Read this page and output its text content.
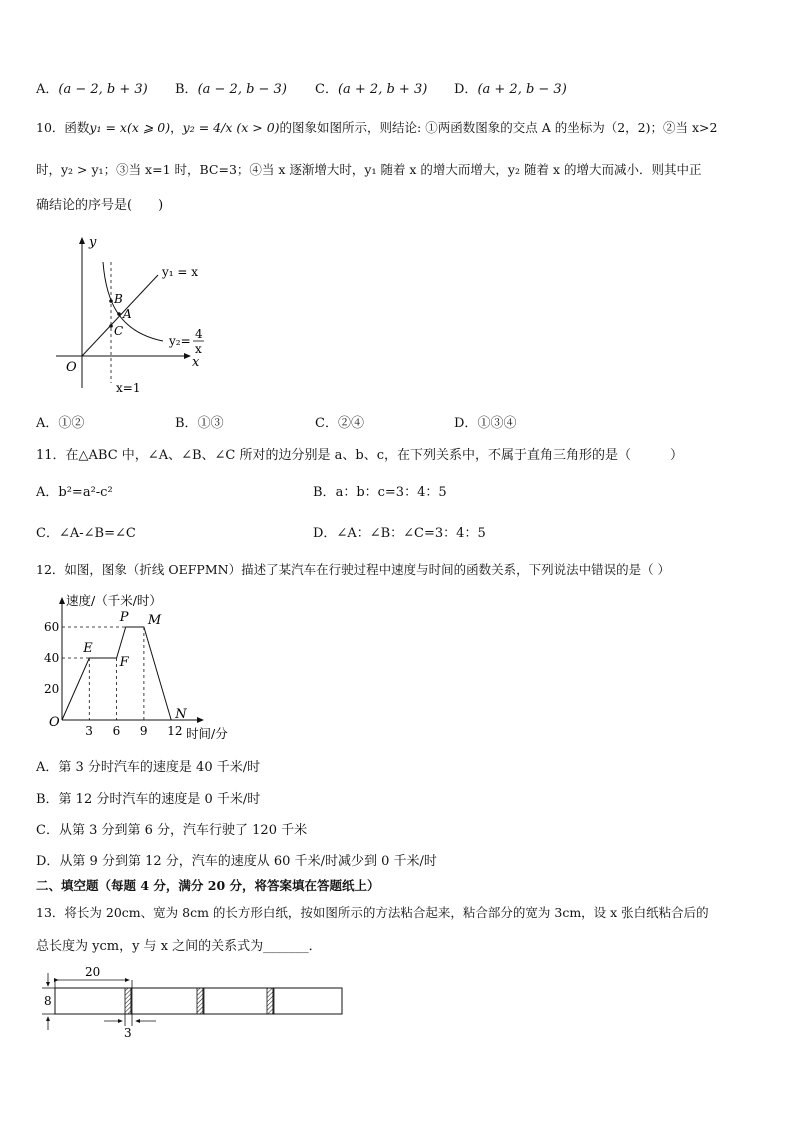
A．(a − 2, b + 3) B．(a − 2, b − 3) C．(a + 2, b + 3) D．(a + 2, b − 3)
10．函数y₁ = x(x ⩾ 0)，y₂ = 4/x (x > 0)的图象如图所示，则结论: ①两函数图象的交点 A 的坐标为（2，2)；②当 x>2
时，y₂ > y₁；③当 x=1 时，BC=3；④当 x 逐渐增大时，y₁ 随着 x 的增大而增大，y₂ 随着 x 的增大而减小．则其中正
确结论的序号是(　　)
y
x
O
B
A
C
y₁ = x
y₂= 4
x
x=1
A．①②	B．①③	C．②④	D．①③④
11．在△ABC 中，∠A、∠B、∠C 所对的边分别是 a、b、c，在下列关系中，不属于直角三角形的是（　　　）
A．b²=a²-c²	B．a：b：c=3：4：5
C．∠A-∠B=∠C	D．∠A：∠B：∠C=3：4：5
12．如图，图象（折线 OEFPMN）描述了某汽车在行驶过程中速度与时间的函数关系，下列说法中错误的是（ ）
速度/（千米/时）
时间/分
20
40
60
3 6 9 12
O
E
F
P M
N
A．第 3 分时汽车的速度是 40 千米/时
B．第 12 分时汽车的速度是 0 千米/时
C．从第 3 分到第 6 分，汽车行驶了 120 千米
D．从第 9 分到第 12 分，汽车的速度从 60 千米/时减少到 0 千米/时
二、填空题（每题 4 分，满分 20 分，将答案填在答题纸上）
13．将长为 20cm、宽为 8cm 的长方形白纸，按如图所示的方法粘合起来，粘合部分的宽为 3cm，设 x 张白纸粘合后的
总长度为 ycm，y 与 x 之间的关系式为_______．
20
8
3
